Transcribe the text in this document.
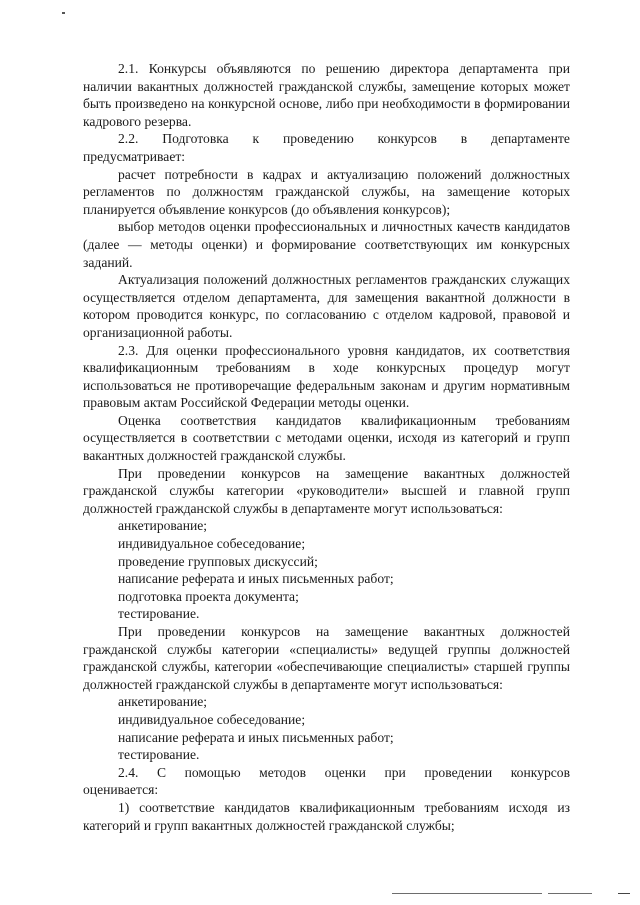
2.1. Конкурсы объявляются по решению директора департамента при наличии вакантных должностей гражданской службы, замещение которых может быть произведено на конкурсной основе, либо при необходимости в формировании кадрового резерва.

2.2. Подготовка к проведению конкурсов в департаменте
предусматривает:

расчет потребности в кадрах и актуализацию положений должностных регламентов по должностям гражданской службы, на замещение которых планируется объявление конкурсов (до объявления конкурсов);

выбор методов оценки профессиональных и личностных качеств кандидатов (далее — методы оценки) и формирование соответствующих им конкурсных заданий.

Актуализация положений должностных регламентов гражданских служащих осуществляется отделом департамента, для замещения вакантной должности в котором проводится конкурс, по согласованию с отделом кадровой, правовой и организационной работы.

2.3. Для оценки профессионального уровня кандидатов, их соответствия квалификационным требованиям в ходе конкурсных процедур могут использоваться не противоречащие федеральным законам и другим нормативным правовым актам Российской Федерации методы оценки.

Оценка соответствия кандидатов квалификационным требованиям осуществляется в соответствии с методами оценки, исходя из категорий и групп вакантных должностей гражданской службы.

При проведении конкурсов на замещение вакантных должностей гражданской службы категории «руководители» высшей и главной групп должностей гражданской службы в департаменте могут использоваться:

анкетирование;
индивидуальное собеседование;
проведение групповых дискуссий;
написание реферата и иных письменных работ;
подготовка проекта документа;
тестирование.

При проведении конкурсов на замещение вакантных должностей гражданской службы категории «специалисты» ведущей группы должностей гражданской службы, категории «обеспечивающие специалисты» старшей группы должностей гражданской службы в департаменте могут использоваться:

анкетирование;
индивидуальное собеседование;
написание реферата и иных письменных работ;
тестирование.
2.4. С помощью методов оценки при проведении конкурсов
оценивается:

1) соответствие кандидатов квалификационным требованиям исходя из категорий и групп вакантных должностей гражданской службы;
